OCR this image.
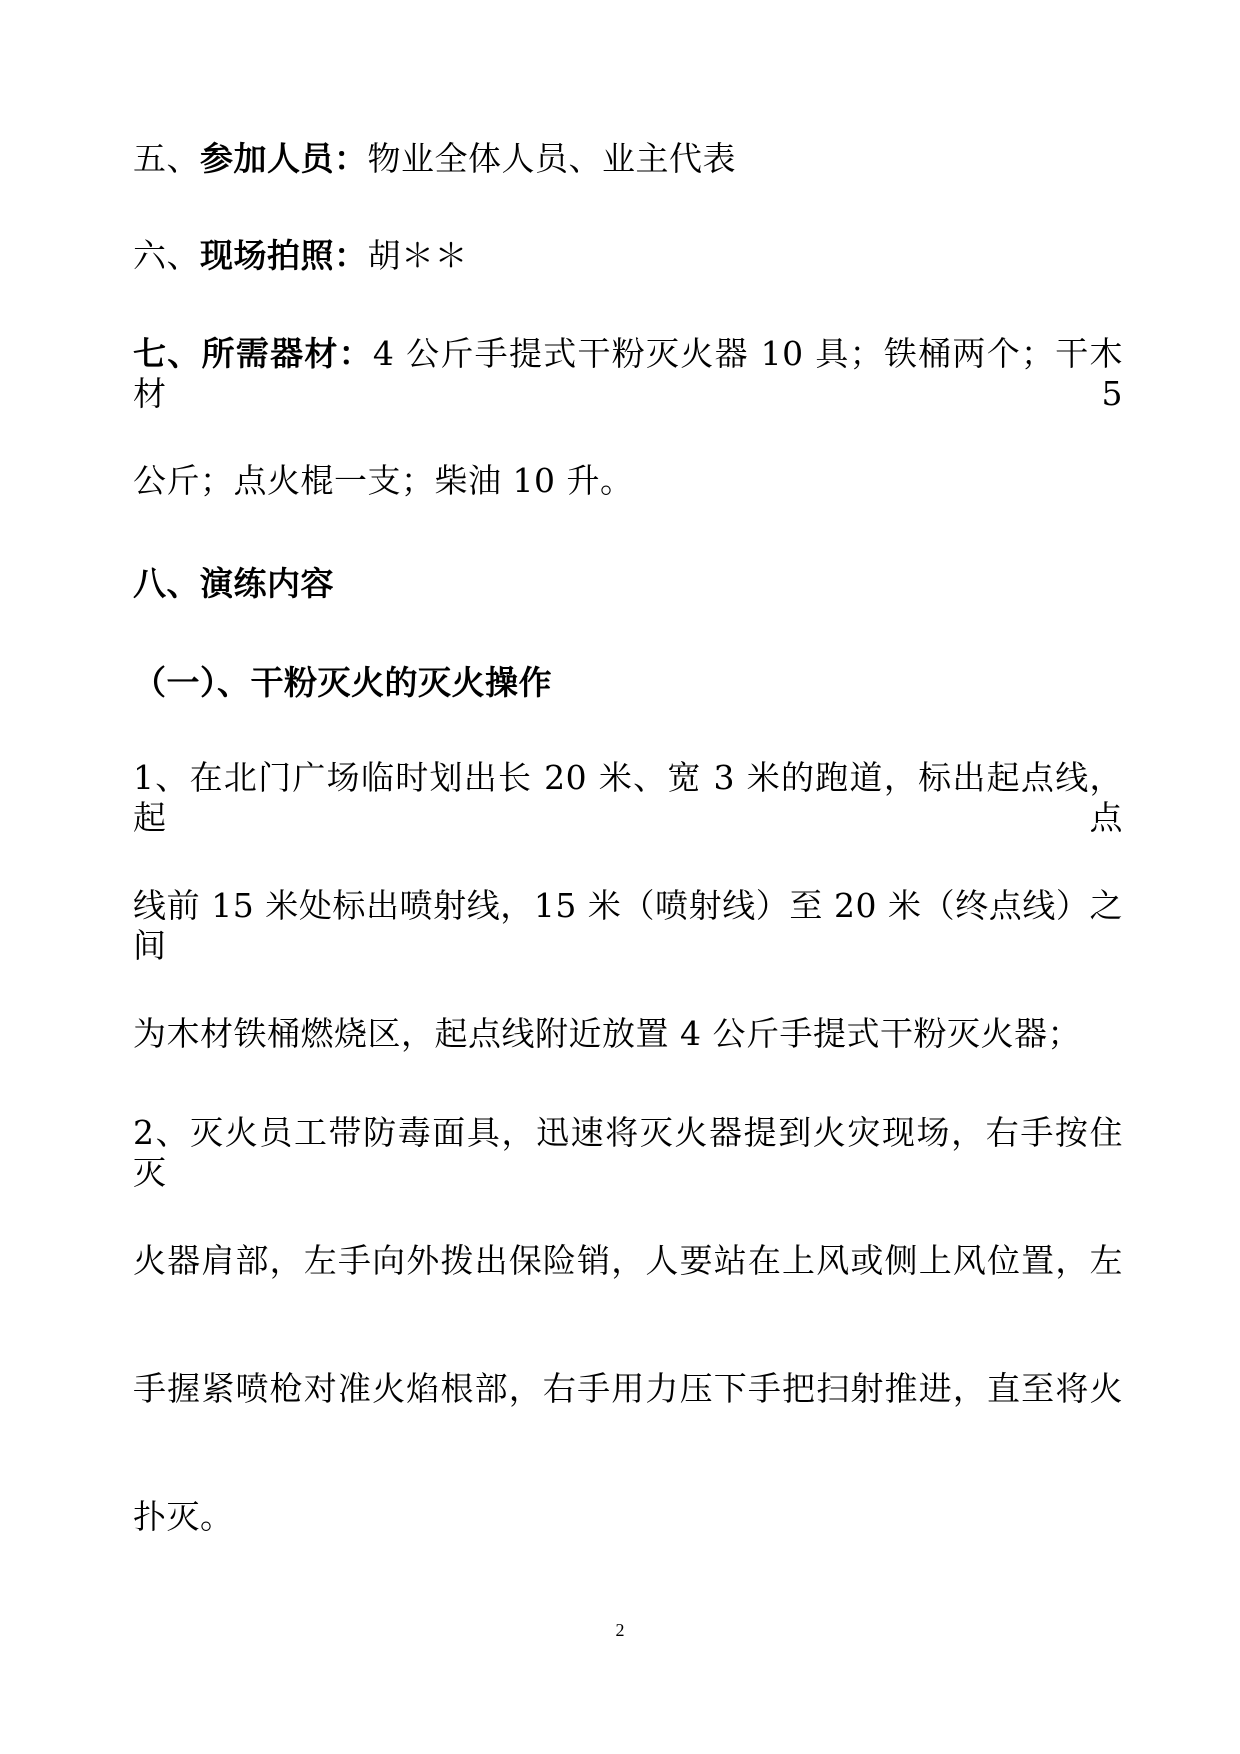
五、参加人员：物业全体人员、业主代表
六、现场拍照：胡＊＊
七、所需器材：4 公斤手提式干粉灭火器 10 具；铁桶两个；干木材 5
公斤；点火棍一支；柴油 10 升。
八、演练内容
（一）、干粉灭火的灭火操作
1、在北门广场临时划出长 20 米、宽 3 米的跑道，标出起点线，起点
线前 15 米处标出喷射线，15 米（喷射线）至 20 米（终点线）之间
为木材铁桶燃烧区，起点线附近放置 4 公斤手提式干粉灭火器；
2、灭火员工带防毒面具，迅速将灭火器提到火灾现场，右手按住灭
火器肩部，左手向外拨出保险销，人要站在上风或侧上风位置，左
手握紧喷枪对准火焰根部，右手用力压下手把扫射推进，直至将火
扑灭。
2
